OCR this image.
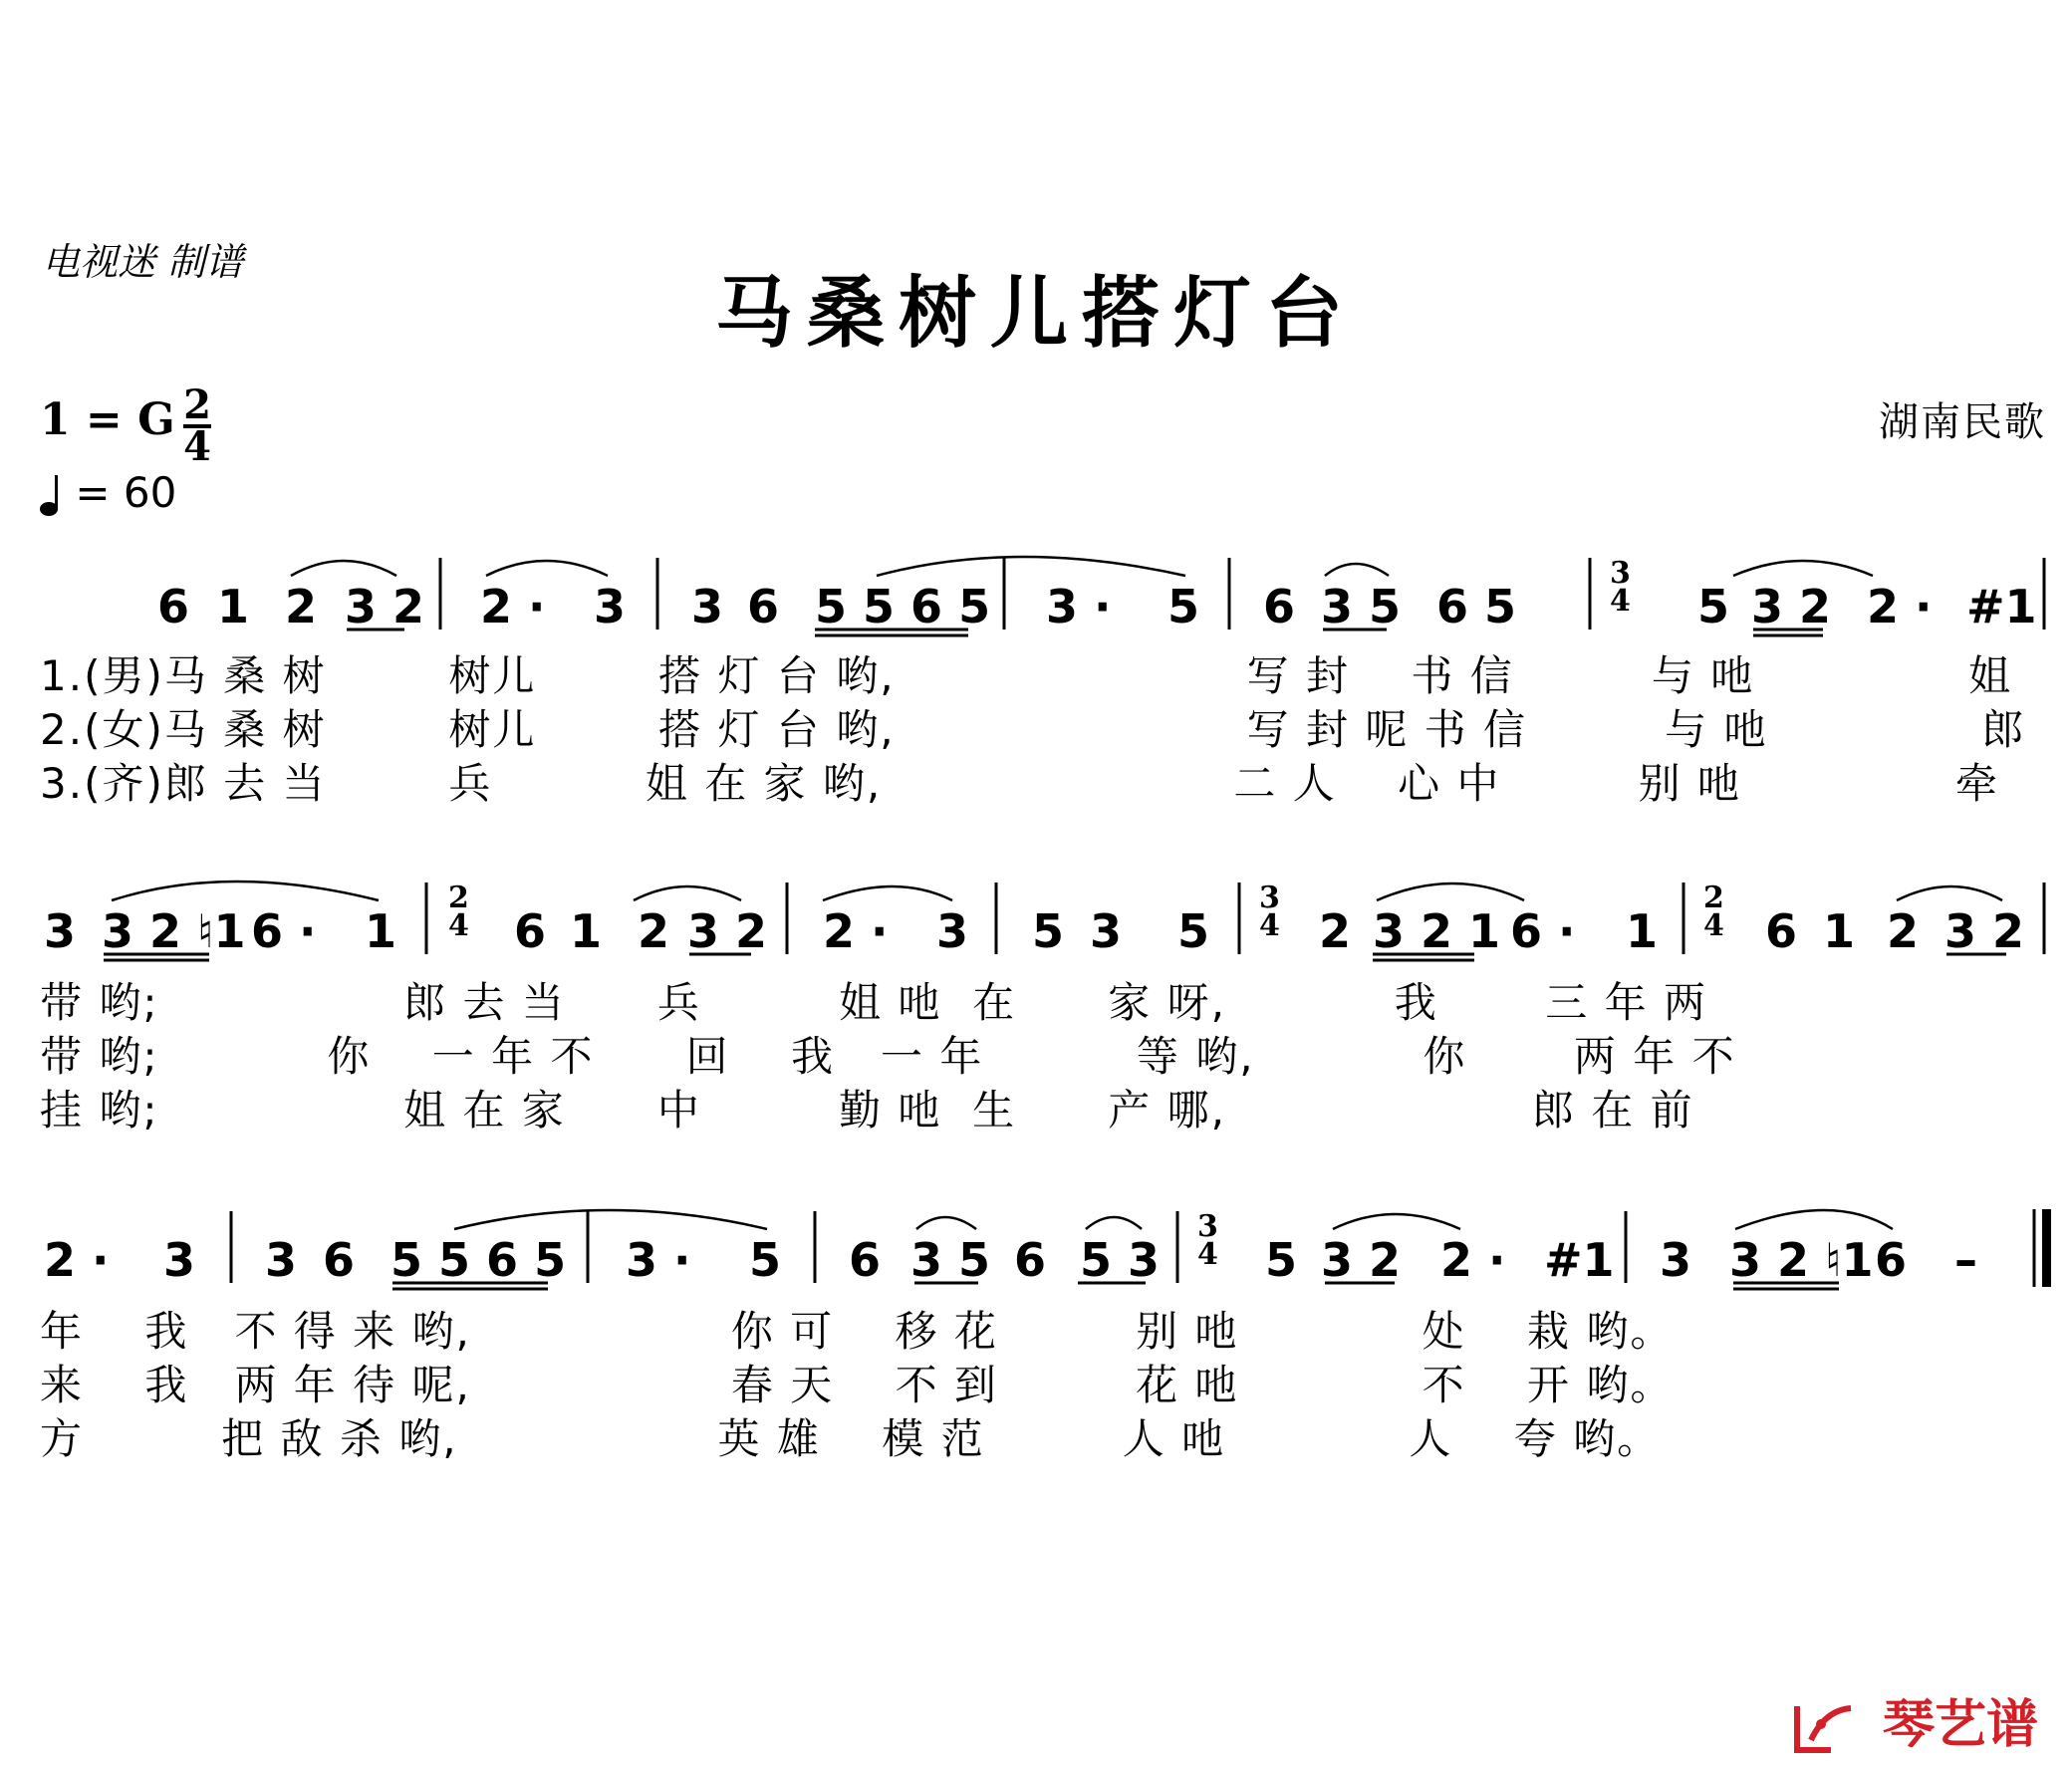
电视迷 制谱
马桑树儿搭灯台
湖南民歌
1 = G 2
4
= 60
6 1 2 3 2 2 · 3 3 6 5 5 6 5 3 · 5 6 3 5 6 5	5 3 2 2 · #1
3
4
1.(男)马 桑 树        树儿        搭 灯 台 哟,                       写 封    书 信         与 吔              姐
2.(女)马 桑 树        树儿        搭 灯 台 哟,                       写 封 呢 书 信         与 吔              郎
3.(齐)郎 去 当        兵          姐 在 家 哟,                       二 人    心 中         别 吔              牵
3 3 2 ♮1 6 · 1	6 1 2 3 2 2 · 3 5 3 5 2 3 2 1 6 · 1 6 1 2 3 2
2
4
3
4
2
4
带 哟;                郎 去 当      兵         姐 吔  在      家 呀,           我       三 年 两
带 哟;           你    一 年 不      回    我   一 年          等 哟,           你       两 年 不
挂 哟;                姐 在 家      中         勤 吔  生      产 哪,                    郎 在 前
2 · 3 3 6 5 5 6 5 3 · 5 6 3 5 6 5 3 5 3 2 2 · #1 3 3 2 ♮1 6 –
3
4
年    我   不 得 来 哟,                 你 可    移 花         别 吔            处    栽 哟。
来    我   两 年 待 呢,                 春 天    不 到         花 吔            不    开 哟。
方         把 敌 杀 哟,                 英 雄    模 范         人 吔            人    夸 哟。
琴艺谱
